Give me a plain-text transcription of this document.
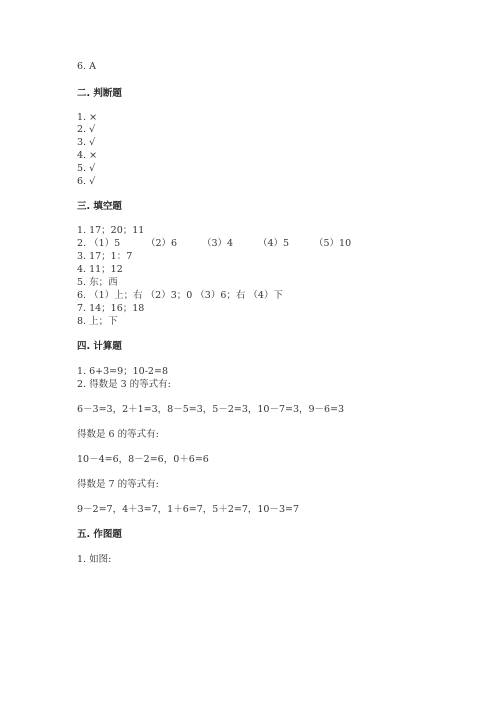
6. A
二. 判断题
1. ×
2. √
3. √
4. ×
5. √
6. √
三. 填空题
1. 17；20；11
2. （1）5	（2）6	（3）4	（4）5	（5）10
3. 17；1：7
4. 11；12
5. 东；西
6. （1）上；右 （2）3；0 （3）6；右 （4）下
7. 14；16；18
8. 上；下
四. 计算题
1. 6+3=9；10-2=8
2. 得数是 3 的等式有:
6－3=3，2＋1=3，8－5=3，5－2=3，10－7=3，9－6=3
得数是 6 的等式有:
10－4=6，8－2=6，0＋6=6
得数是 7 的等式有:
9－2=7，4＋3=7，1＋6=7，5＋2=7，10－3=7
五. 作图题
1. 如图:
